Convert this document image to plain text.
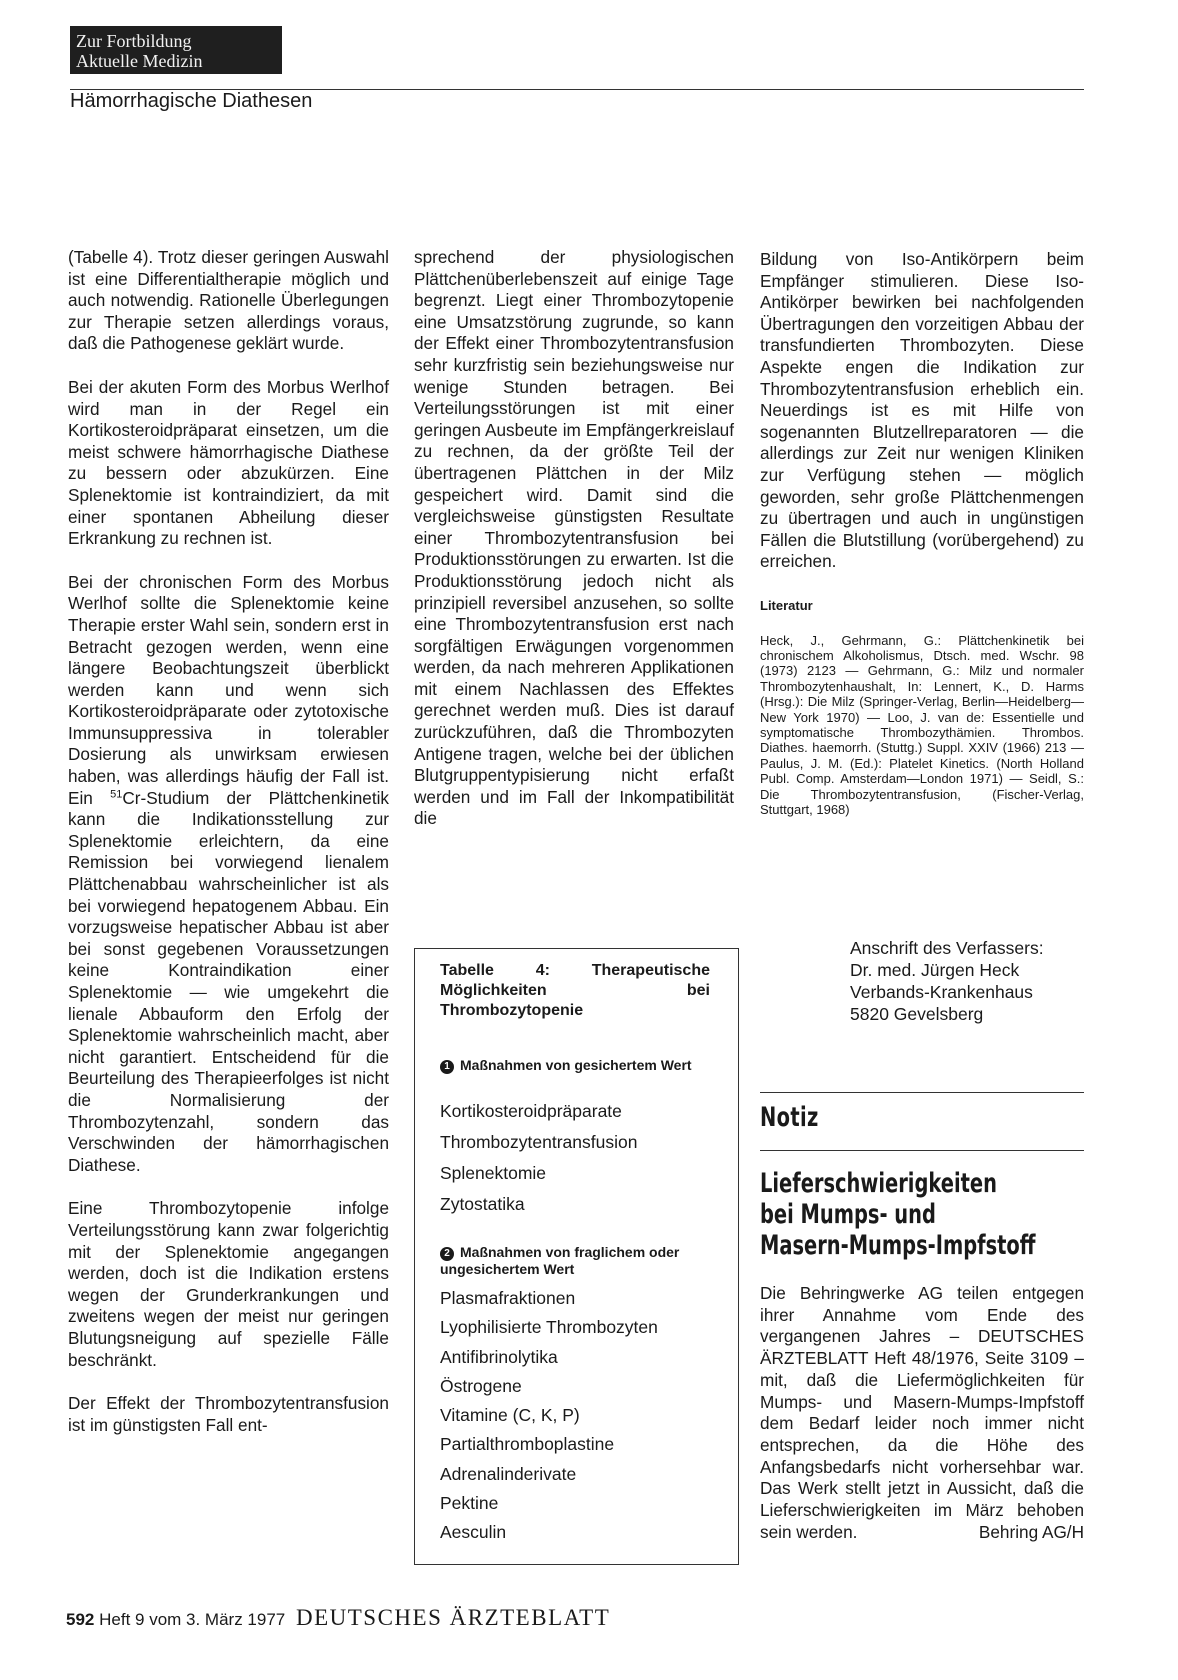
Zur Fortbildung
Aktuelle Medizin
Hämorrhagische Diathesen

(Tabelle 4). Trotz dieser geringen Auswahl ist eine Differentialtherapie möglich und auch notwendig. Rationelle Überlegungen zur Therapie setzen allerdings voraus, daß die Pathogenese geklärt wurde.

Bei der akuten Form des Morbus Werlhof wird man in der Regel ein Kortikosteroidpräparat einsetzen, um die meist schwere hämorrhagische Diathese zu bessern oder abzukürzen. Eine Splenektomie ist kontraindiziert, da mit einer spontanen Abheilung dieser Erkrankung zu rechnen ist.

Bei der chronischen Form des Morbus Werlhof sollte die Splenektomie keine Therapie erster Wahl sein, sondern erst in Betracht gezogen werden, wenn eine längere Beobachtungszeit überblickt werden kann und wenn sich Kortikosteroidpräparate oder zytotoxische Immunsuppressiva in tolerabler Dosierung als unwirksam erwiesen haben, was allerdings häufig der Fall ist. Ein $^{51}$Cr-Studium der Plättchenkinetik kann die Indikationsstellung zur Splenektomie erleichtern, da eine Remission bei vorwiegend lienalem Plättchenabbau wahrscheinlicher ist als bei vorwiegend hepatogenem Abbau. Ein vorzugsweise hepatischer Abbau ist aber bei sonst gegebenen Voraussetzungen keine Kontraindikation einer Splenektomie — wie umgekehrt die lienale Abbauform den Erfolg der Splenektomie wahrscheinlich macht, aber nicht garantiert. Entscheidend für die Beurteilung des Therapieerfolges ist nicht die Normalisierung der Thrombozytenzahl, sondern das Verschwinden der hämorrhagischen Diathese.

Eine Thrombozytopenie infolge Verteilungsstörung kann zwar folgerichtig mit der Splenektomie angegangen werden, doch ist die Indikation erstens wegen der Grunderkrankungen und zweitens wegen der meist nur geringen Blutungsneigung auf spezielle Fälle beschränkt.

Der Effekt der Thrombozytentransfusion ist im günstigsten Fall ent-

sprechend der physiologischen Plättchenüberlebenszeit auf einige Tage begrenzt. Liegt einer Thrombozytopenie eine Umsatzstörung zugrunde, so kann der Effekt einer Thrombozytentransfusion sehr kurzfristig sein beziehungsweise nur wenige Stunden betragen. Bei Verteilungsstörungen ist mit einer geringen Ausbeute im Empfängerkreislauf zu rechnen, da der größte Teil der übertragenen Plättchen in der Milz gespeichert wird. Damit sind die vergleichsweise günstigsten Resultate einer Thrombozytentransfusion bei Produktionsstörungen zu erwarten. Ist die Produktionsstörung jedoch nicht als prinzipiell reversibel anzusehen, so sollte eine Thrombozytentransfusion erst nach sorgfältigen Erwägungen vorgenommen werden, da nach mehreren Applikationen mit einem Nachlassen des Effektes gerechnet werden muß. Dies ist darauf zurückzuführen, daß die Thrombozyten Antigene tragen, welche bei der üblichen Blutgruppentypisierung nicht erfaßt werden und im Fall der Inkompatibilität die

Bildung von Iso-Antikörpern beim Empfänger stimulieren. Diese Iso-Antikörper bewirken bei nachfolgenden Übertragungen den vorzeitigen Abbau der transfundierten Thrombozyten. Diese Aspekte engen die Indikation zur Thrombozytentransfusion erheblich ein. Neuerdings ist es mit Hilfe von sogenannten Blutzellreparatoren — die allerdings zur Zeit nur wenigen Kliniken zur Verfügung stehen — möglich geworden, sehr große Plättchenmengen zu übertragen und auch in ungünstigen Fällen die Blutstillung (vorübergehend) zu erreichen.

Literatur
Heck, J., Gehrmann, G.: Plättchenkinetik bei chronischem Alkoholismus, Dtsch. med. Wschr. 98 (1973) 2123 — Gehrmann, G.: Milz und normaler Thrombozytenhaushalt, In: Lennert, K., D. Harms (Hrsg.): Die Milz (Springer-Verlag, Berlin—Heidelberg—New York 1970) — Loo, J. van de: Essentielle und symptomatische Thrombozythämien. Thrombos. Diathes. haemorrh. (Stuttg.) Suppl. XXIV (1966) 213 — Paulus, J. M. (Ed.): Platelet Kinetics. (North Holland Publ. Comp. Amsterdam—London 1971) — Seidl, S.: Die Thrombozytentransfusion, (Fischer-Verlag, Stuttgart, 1968)
Anschrift des Verfassers:
Dr. med. Jürgen Heck
Verbands-Krankenhaus
5820 Gevelsberg
Tabelle 4: Therapeutische Möglichkeiten bei Thrombozytopenie
1 Maßnahmen von gesichertem Wert
Kortikosteroidpräparate
Thrombozytentransfusion
Splenektomie
Zytostatika
2 Maßnahmen von fraglichem oder ungesichertem Wert
Plasmafraktionen
Lyophilisierte Thrombozyten
Antifibrinolytika
Östrogene
Vitamine (C, K, P)
Partialthromboplastine
Adrenalinderivate
Pektine
Aesculin
Notiz
Lieferschwierigkeiten
bei Mumps- und
Masern-Mumps-Impfstoff
Die Behringwerke AG teilen entgegen ihrer Annahme vom Ende des vergangenen Jahres – DEUTSCHES ÄRZTEBLATT Heft 48/1976, Seite 3109 – mit, daß die Liefermöglichkeiten für Mumps- und Masern-Mumps-Impfstoff dem Bedarf leider noch immer nicht entsprechen, da die Höhe des Anfangsbedarfs nicht vorhersehbar war. Das Werk stellt jetzt in Aussicht, daß die Lieferschwierigkeiten im März behoben sein werden.	Behring AG/H
592 Heft 9 vom 3. März 1977 DEUTSCHES ÄRZTEBLATT
